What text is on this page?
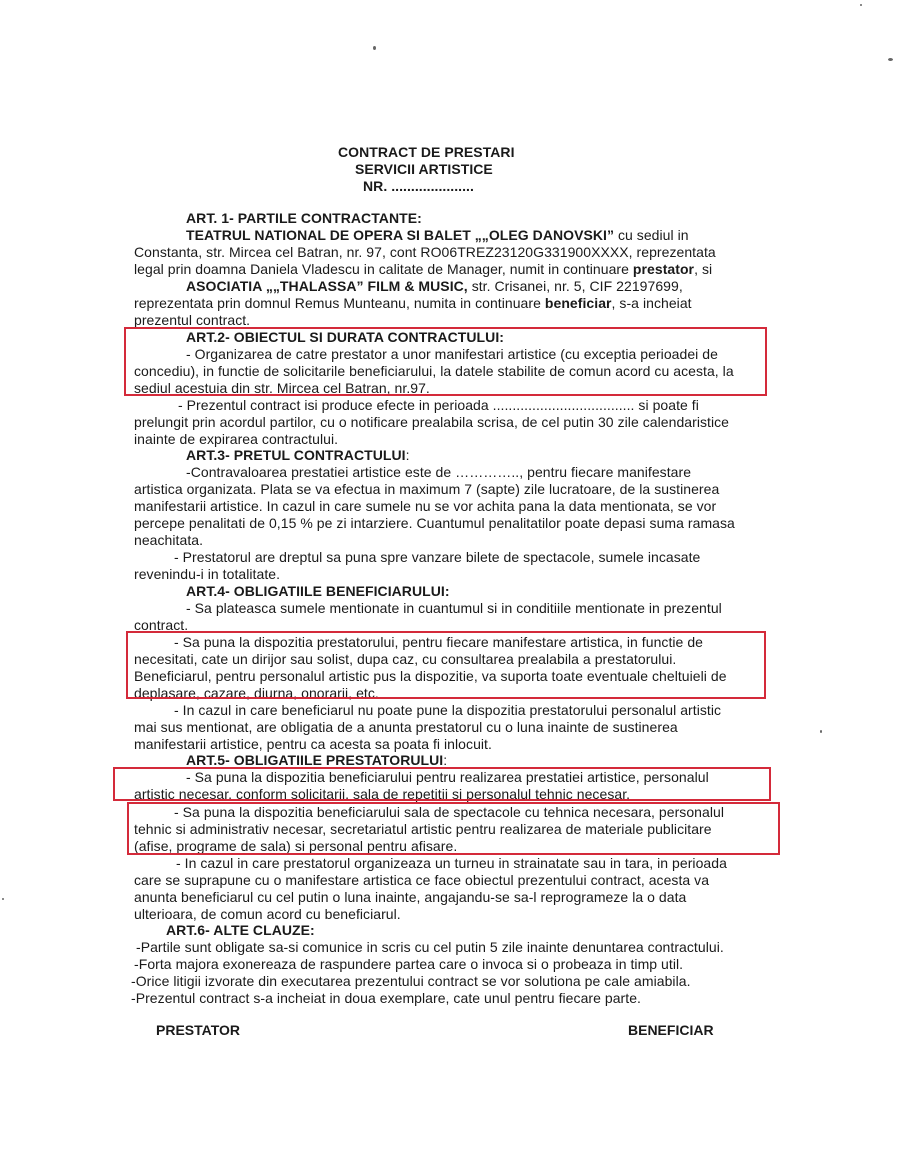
CONTRACT DE PRESTARI
SERVICII ARTISTICE
NR. .....................
ART. 1- PARTILE CONTRACTANTE:
TEATRUL NATIONAL DE OPERA SI BALET „„OLEG DANOVSKI” cu sediul in
Constanta, str. Mircea cel Batran, nr. 97, cont RO06TREZ23120G331900XXXX, reprezentata
legal prin doamna Daniela Vladescu in calitate de Manager, numit in continuare prestator, si
ASOCIATIA „„THALASSA” FILM & MUSIC, str. Crisanei, nr. 5, CIF 22197699,
reprezentata prin domnul Remus Munteanu, numita in continuare beneficiar, s-a incheiat
prezentul contract.
ART.2- OBIECTUL SI DURATA CONTRACTULUI:
- Organizarea de catre prestator a unor manifestari artistice (cu exceptia perioadei de
concediu), in functie de solicitarile beneficiarului, la datele stabilite de comun acord cu acesta, la
sediul acestuia din str. Mircea cel Batran, nr.97.
- Prezentul contract isi produce efecte in perioada .................................... si poate fi
prelungit prin acordul partilor, cu o notificare prealabila scrisa, de cel putin 30 zile calendaristice
inainte de expirarea contractului.
ART.3- PRETUL CONTRACTULUI:
-Contravaloarea prestatiei artistice este de ………….., pentru fiecare manifestare
artistica organizata. Plata se va efectua in maximum 7 (sapte) zile lucratoare, de la sustinerea
manifestarii artistice. In cazul in care sumele nu se vor achita pana la data mentionata, se vor
percepe penalitati de 0,15 % pe zi intarziere. Cuantumul penalitatilor poate depasi suma ramasa
neachitata.
- Prestatorul are dreptul sa puna spre vanzare bilete de spectacole, sumele incasate
revenindu-i in totalitate.
ART.4- OBLIGATIILE BENEFICIARULUI:
- Sa plateasca sumele mentionate in cuantumul si in conditiile mentionate in prezentul
contract.
- Sa puna la dispozitia prestatorului, pentru fiecare manifestare artistica, in functie de
necesitati, cate un dirijor sau solist, dupa caz, cu consultarea prealabila a prestatorului.
Beneficiarul, pentru personalul artistic pus la dispozitie, va suporta toate eventuale cheltuieli de
deplasare, cazare, diurna, onorarii, etc.
- In cazul in care beneficiarul nu poate pune la dispozitia prestatorului personalul artistic
mai sus mentionat, are obligatia de a anunta prestatorul cu o luna inainte de sustinerea
manifestarii artistice, pentru ca acesta sa poata fi inlocuit.
ART.5- OBLIGATIILE PRESTATORULUI:
- Sa puna la dispozitia beneficiarului pentru realizarea prestatiei artistice, personalul
artistic necesar, conform solicitarii, sala de repetitii si personalul tehnic necesar.
- Sa puna la dispozitia beneficiarului sala de spectacole cu tehnica necesara, personalul
tehnic si administrativ necesar, secretariatul artistic pentru realizarea de materiale publicitare
(afise, programe de sala) si personal pentru afisare.
- In cazul in care prestatorul organizeaza un turneu in strainatate sau in tara, in perioada
care se suprapune cu o manifestare artistica ce face obiectul prezentului contract, acesta va
anunta beneficiarul cu cel putin o luna inainte, angajandu-se sa-l reprogrameze la o data
ulterioara, de comun acord cu beneficiarul.
ART.6- ALTE CLAUZE:
-Partile sunt obligate sa-si comunice in scris cu cel putin 5 zile inainte denuntarea contractului.
-Forta majora exonereaza de raspundere partea care o invoca si o probeaza in timp util.
-Orice litigii izvorate din executarea prezentului contract se vor solutiona pe cale amiabila.
-Prezentul contract s-a incheiat in doua exemplare, cate unul pentru fiecare parte.
PRESTATOR	BENEFICIAR
